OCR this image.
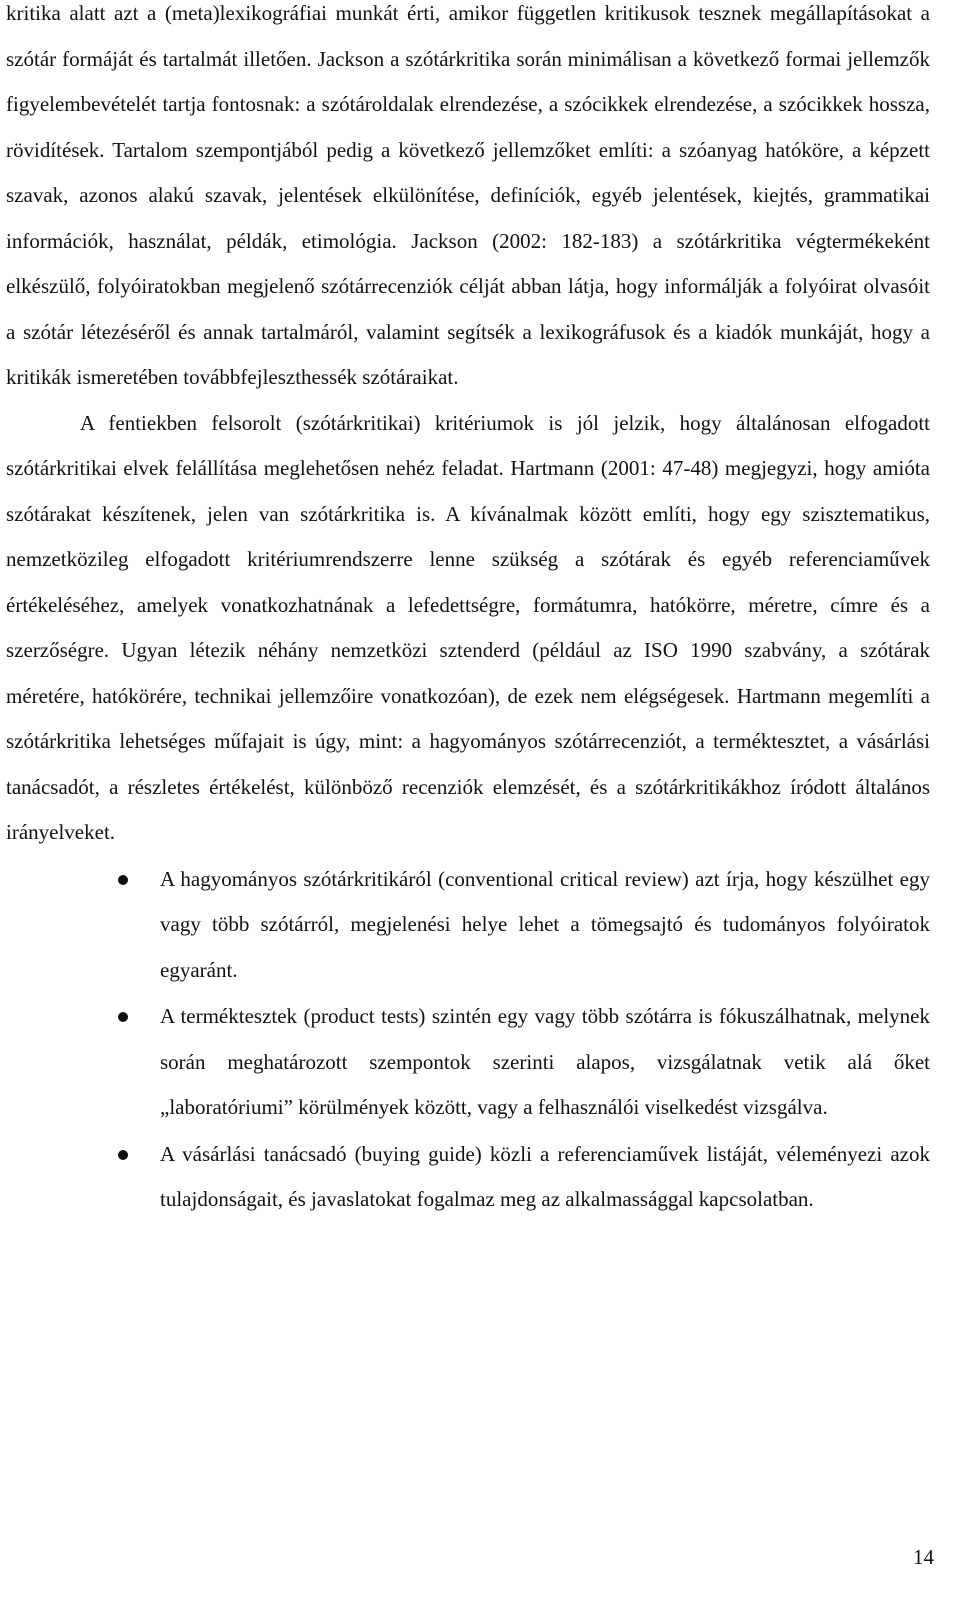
kritika alatt azt a (meta)lexikográfiai munkát érti, amikor független kritikusok tesznek megállapításokat a szótár formáját és tartalmát illetően. Jackson a szótárkritika során minimálisan a következő formai jellemzők figyelembevételét tartja fontosnak: a szótároldalak elrendezése, a szócikkek elrendezése, a szócikkek hossza, rövidítések. Tartalom szempontjából pedig a következő jellemzőket említi: a szóanyag hatóköre, a képzett szavak, azonos alakú szavak, jelentések elkülönítése, definíciók, egyéb jelentések, kiejtés, grammatikai információk, használat, példák, etimológia. Jackson (2002: 182-183) a szótárkritika végtermékeként elkészülő, folyóiratokban megjelenő szótárrecenziók célját abban látja, hogy informálják a folyóirat olvasóit a szótár létezéséről és annak tartalmáról, valamint segítsék a lexikográfusok és a kiadók munkáját, hogy a kritikák ismeretében továbbfejleszthessék szótáraikat.

A fentiekben felsorolt (szótárkritikai) kritériumok is jól jelzik, hogy általánosan elfogadott szótárkritikai elvek felállítása meglehetősen nehéz feladat. Hartmann (2001: 47-48) megjegyzi, hogy amióta szótárakat készítenek, jelen van szótárkritika is. A kívánalmak között említi, hogy egy szisztematikus, nemzetközileg elfogadott kritériumrendszerre lenne szükség a szótárak és egyéb referenciaművek értékeléséhez, amelyek vonatkozhatnának a lefedettségre, formátumra, hatókörre, méretre, címre és a szerzőségre. Ugyan létezik néhány nemzetközi sztenderd (például az ISO 1990 szabvány, a szótárak méretére, hatókörére, technikai jellemzőire vonatkozóan), de ezek nem elégségesek. Hartmann megemlíti a szótárkritika lehetséges műfajait is úgy, mint: a hagyományos szótárrecenziót, a terméktesztet, a vásárlási tanácsadót, a részletes értékelést, különböző recenziók elemzését, és a szótárkritikákhoz íródott általános irányelveket.

A hagyományos szótárkritikáról (conventional critical review) azt írja, hogy készülhet egy vagy több szótárról, megjelenési helye lehet a tömegsajtó és tudományos folyóiratok egyaránt.
A terméktesztek (product tests) szintén egy vagy több szótárra is fókuszálhatnak, melynek során meghatározott szempontok szerinti alapos, vizsgálatnak vetik alá őket „laboratóriumi” körülmények között, vagy a felhasználói viselkedést vizsgálva.
A vásárlási tanácsadó (buying guide) közli a referenciaművek listáját, véleményezi azok tulajdonságait, és javaslatokat fogalmaz meg az alkalmassággal kapcsolatban.
14
